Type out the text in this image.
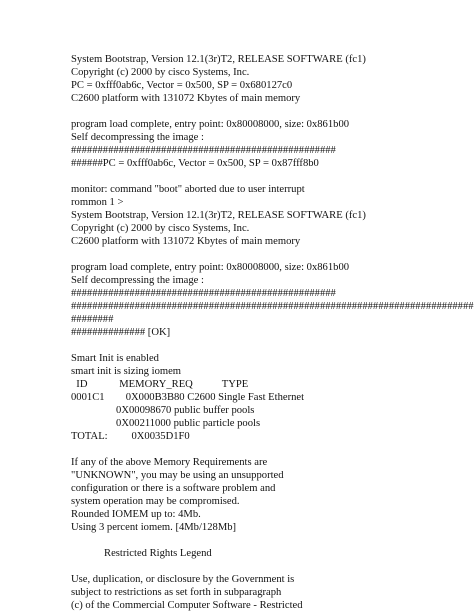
System Bootstrap, Version 12.1(3r)T2, RELEASE SOFTWARE (fc1)
Copyright (c) 2000 by cisco Systems, Inc.
PC = 0xfff0ab6c, Vector = 0x500, SP = 0x680127c0
C2600 platform with 131072 Kbytes of main memory
program load complete, entry point: 0x80008000, size: 0x861b00
Self decompressing the image :
##################################################
######PC = 0xfff0ab6c, Vector = 0x500, SP = 0x87fff8b0
monitor: command "boot" aborted due to user interrupt
rommon 1 >
System Bootstrap, Version 12.1(3r)T2, RELEASE SOFTWARE (fc1)
Copyright (c) 2000 by cisco Systems, Inc.
C2600 platform with 131072 Kbytes of main memory
program load complete, entry point: 0x80008000, size: 0x861b00
Self decompressing the image :
##################################################
############################################################################
########
############## [OK]
Smart Init is enabled
smart init is sizing iomem
ID            MEMORY_REQ           TYPE
0001C1        0X000B3B80 C2600 Single Fast Ethernet
0X00098670 public buffer pools
0X00211000 public particle pools
TOTAL:         0X0035D1F0
If any of the above Memory Requirements are
"UNKNOWN", you may be using an unsupported
configuration or there is a software problem and
system operation may be compromised.
Rounded IOMEM up to: 4Mb.
Using 3 percent iomem. [4Mb/128Mb]
Restricted Rights Legend
Use, duplication, or disclosure by the Government is
subject to restrictions as set forth in subparagraph
(c) of the Commercial Computer Software - Restricted
